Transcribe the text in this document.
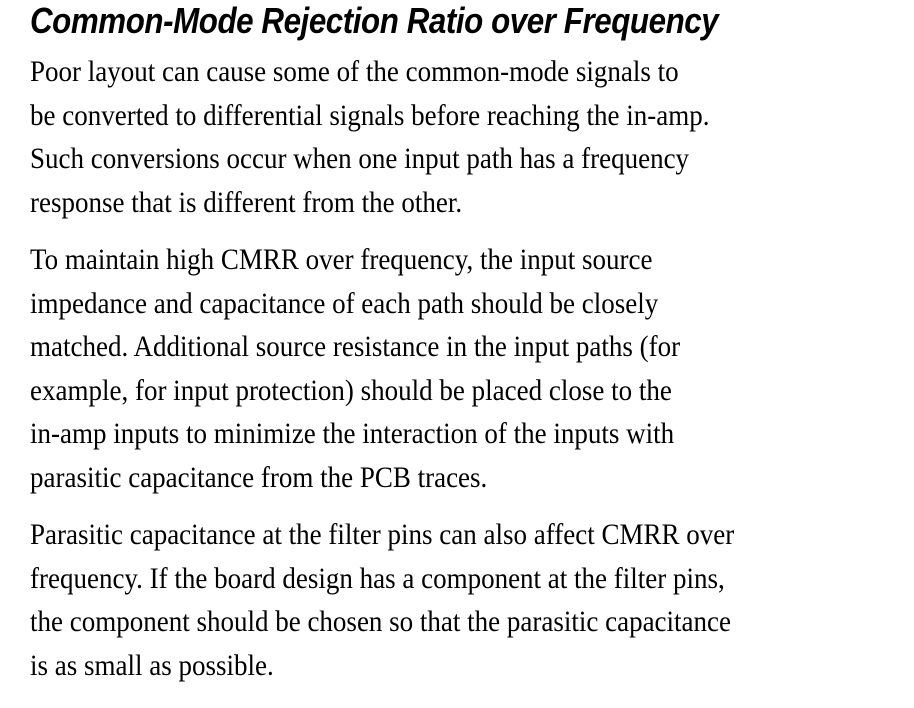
Common-Mode Rejection Ratio over Frequency
Poor layout can cause some of the common-mode signals to
be converted to differential signals before reaching the in-amp.
Such conversions occur when one input path has a frequency
response that is different from the other.
To maintain high CMRR over frequency, the input source
impedance and capacitance of each path should be closely
matched. Additional source resistance in the input paths (for
example, for input protection) should be placed close to the
in-amp inputs to minimize the interaction of the inputs with
parasitic capacitance from the PCB traces.
Parasitic capacitance at the filter pins can also affect CMRR over
frequency. If the board design has a component at the filter pins,
the component should be chosen so that the parasitic capacitance
is as small as possible.
